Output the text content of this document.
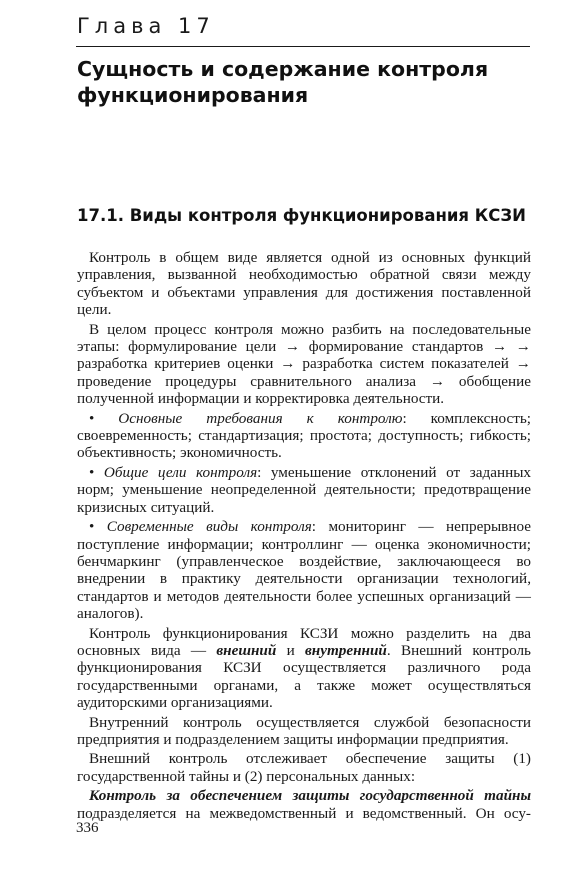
Глава 17
Сущность и содержание контроля функционирования
17.1. Виды контроля функционирования КСЗИ

Контроль в общем виде является одной из основных функций управления, вызванной необходимостью обратной связи между субъектом и объектами управления для достижения поставленной цели.

В целом процесс контроля можно разбить на последовательные этапы: формулирование цели → формирование стандартов → → разработка критериев оценки → разработка систем показателей → проведение процедуры сравнительного анализа → обобщение полученной информации и корректировка деятельности.

• Основные требования к контролю: комплексность; своевременность; стандартизация; простота; доступность; гибкость; объективность; экономичность.

• Общие цели контроля: уменьшение отклонений от заданных норм; уменьшение неопределенной деятельности; предотвращение кризисных ситуаций.

• Современные виды контроля: мониторинг — непрерывное поступление информации; контроллинг — оценка экономичности; бенчмаркинг (управленческое воздействие, заключающееся во внедрении в практику деятельности организации технологий, стандартов и методов деятельности более успешных организаций — аналогов).

Контроль функционирования КСЗИ можно разделить на два основных вида — внешний и внутренний. Внешний контроль функционирования КСЗИ осуществляется различного рода государственными органами, а также может осуществляться аудиторскими организациями.

Внутренний контроль осуществляется службой безопасности предприятия и подразделением защиты информации предприятия.

Внешний контроль отслеживает обеспечение защиты (1) государственной тайны и (2) персональных данных:

Контроль за обеспечением защиты государственной тайны подразделяется на межведомственный и ведомственный. Он осу-

336
